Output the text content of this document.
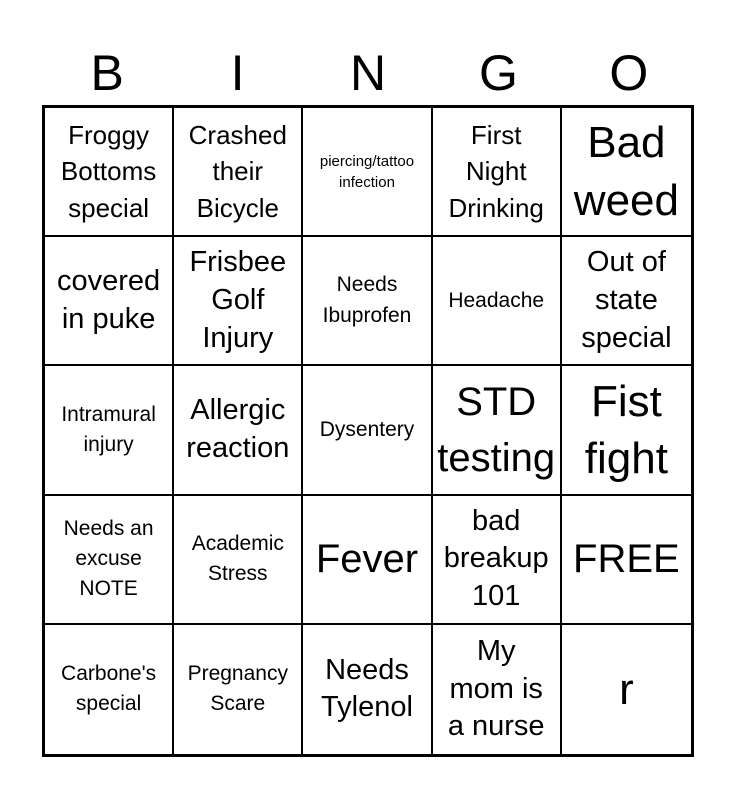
B	I	N	G	O
Froggy
Bottoms
special
Crashed
their
Bicycle
piercing/tattoo
infection
First
Night
Drinking
Bad
weed
covered
in puke
Frisbee
Golf
Injury
Needs
Ibuprofen
Headache
Out of
state
special
Intramural
injury
Allergic
reaction
Dysentery
STD
testing
Fist
fight
Needs an
excuse
NOTE
Academic
Stress	Fever
bad
breakup
101
FREE
Carbone's
special
Pregnancy
Scare
Needs
Tylenol
My
mom is
a nurse
r
